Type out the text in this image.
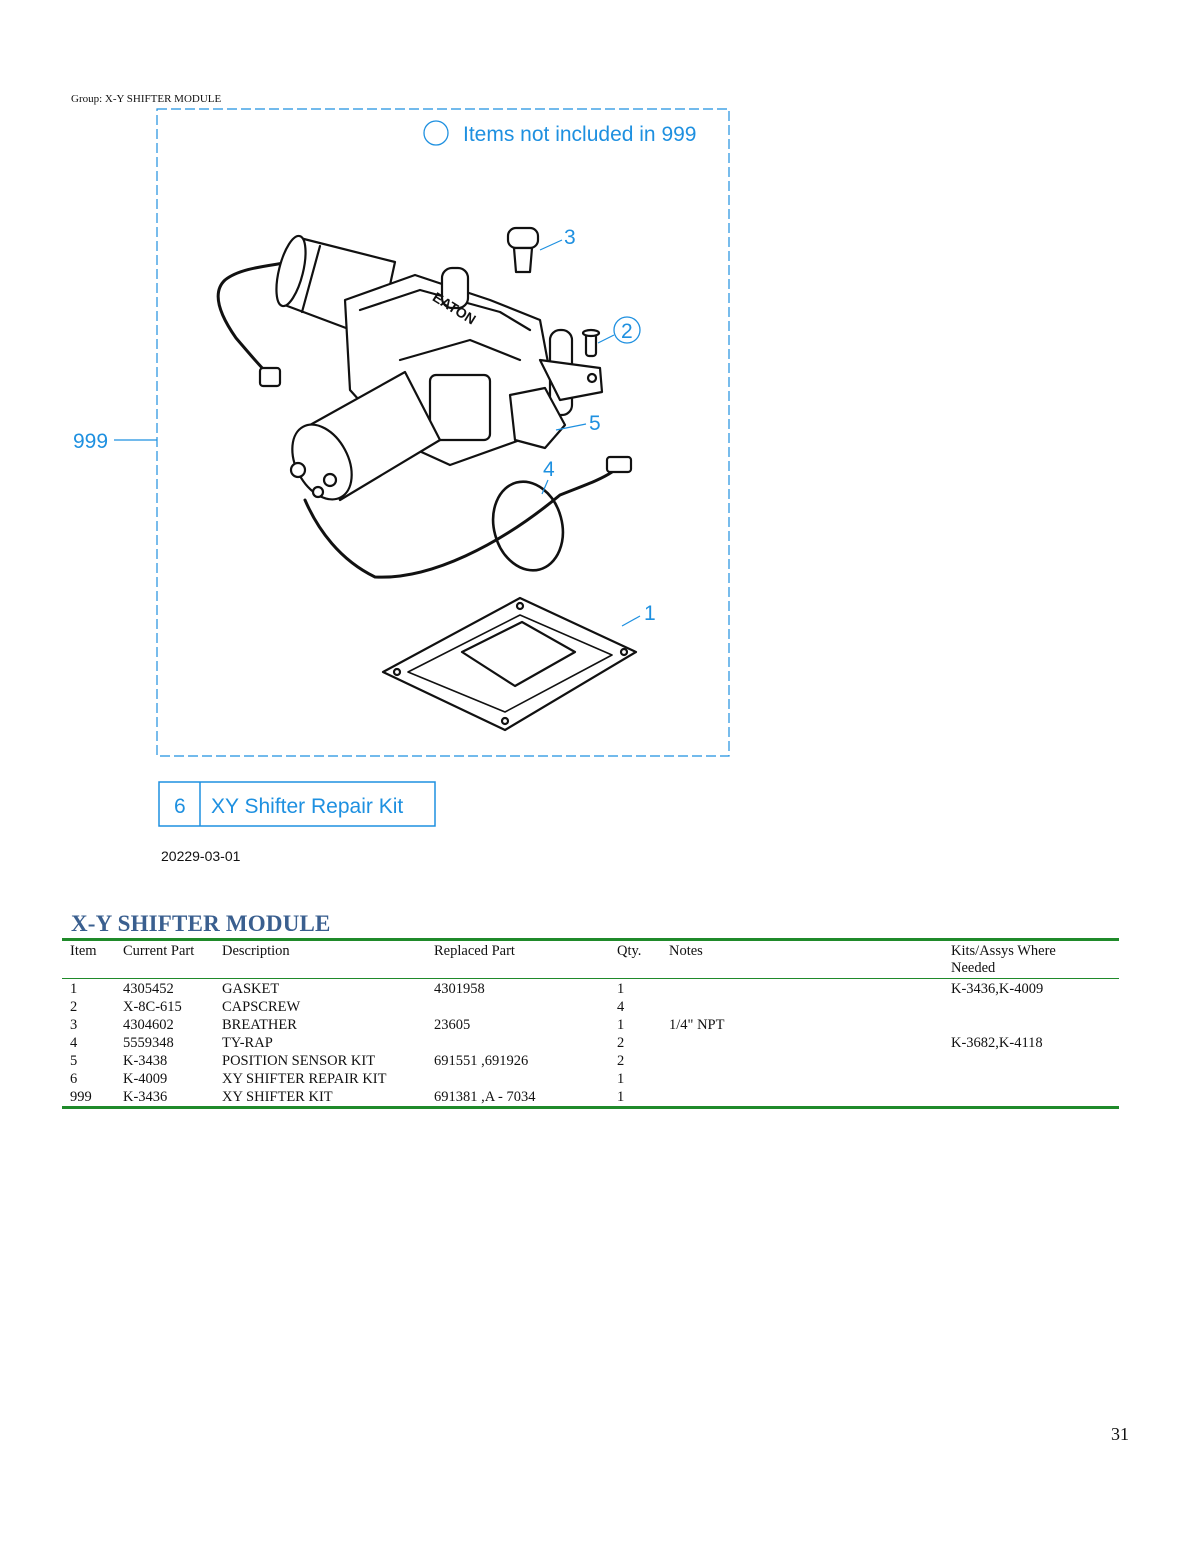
Group: X-Y SHIFTER MODULE
Items not included in 999
999
EATON
3
2
5
4
1
6 XY Shifter Repair Kit
20229-03-01
X-Y SHIFTER MODULE
Item	Current Part	Description	Replaced Part	Qty.	Notes	Kits/Assys Where Needed

1	4305452	GASKET	4301958	1		K-3436,K-4009
2	X-8C-615	CAPSCREW		4		
3	4304602	BREATHER	23605	1	1/4" NPT	
4	5559348	TY-RAP		2		K-3682,K-4118
5	K-3438	POSITION SENSOR KIT	691551 ,691926	2		
6	K-4009	XY SHIFTER REPAIR KIT		1		
999	K-3436	XY SHIFTER KIT	691381 ,A - 7034	1		
31
